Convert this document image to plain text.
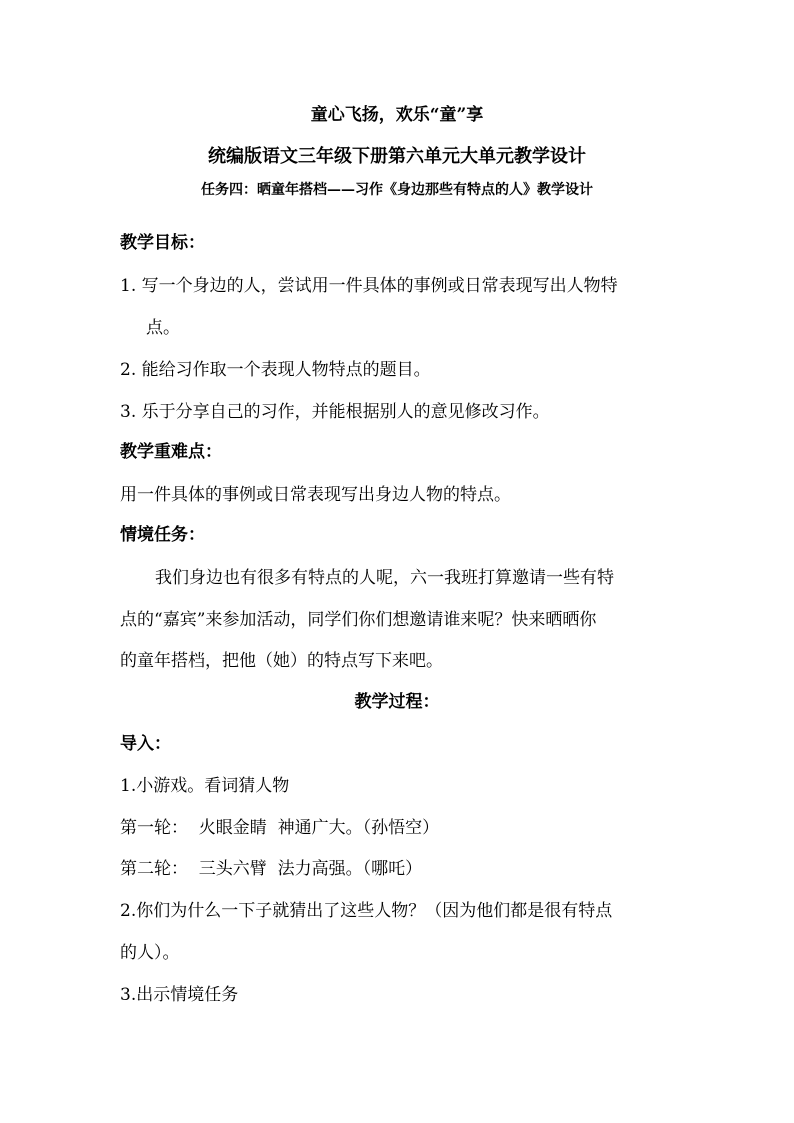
童心飞扬，欢乐“童”享
统编版语文三年级下册第六单元大单元教学设计
任务四：晒童年搭档——习作《身边那些有特点的人》教学设计
教学目标：
1. 写一个身边的人，尝试用一件具体的事例或日常表现写出人物特
点。
2. 能给习作取一个表现人物特点的题目。
3. 乐于分享自己的习作，并能根据别人的意见修改习作。
教学重难点：
用一件具体的事例或日常表现写出身边人物的特点。
情境任务：
我们身边也有很多有特点的人呢，六一我班打算邀请一些有特
点的“嘉宾”来参加活动，同学们你们想邀请谁来呢？快来晒晒你
的童年搭档，把他（她）的特点写下来吧。
教学过程：
导入：
1.小游戏。看词猜人物
第一轮：  火眼金睛  神通广大。（孙悟空）
第二轮：  三头六臂  法力高强。（哪吒）
2.你们为什么一下子就猜出了这些人物？（因为他们都是很有特点
的人）。
3.出示情境任务
